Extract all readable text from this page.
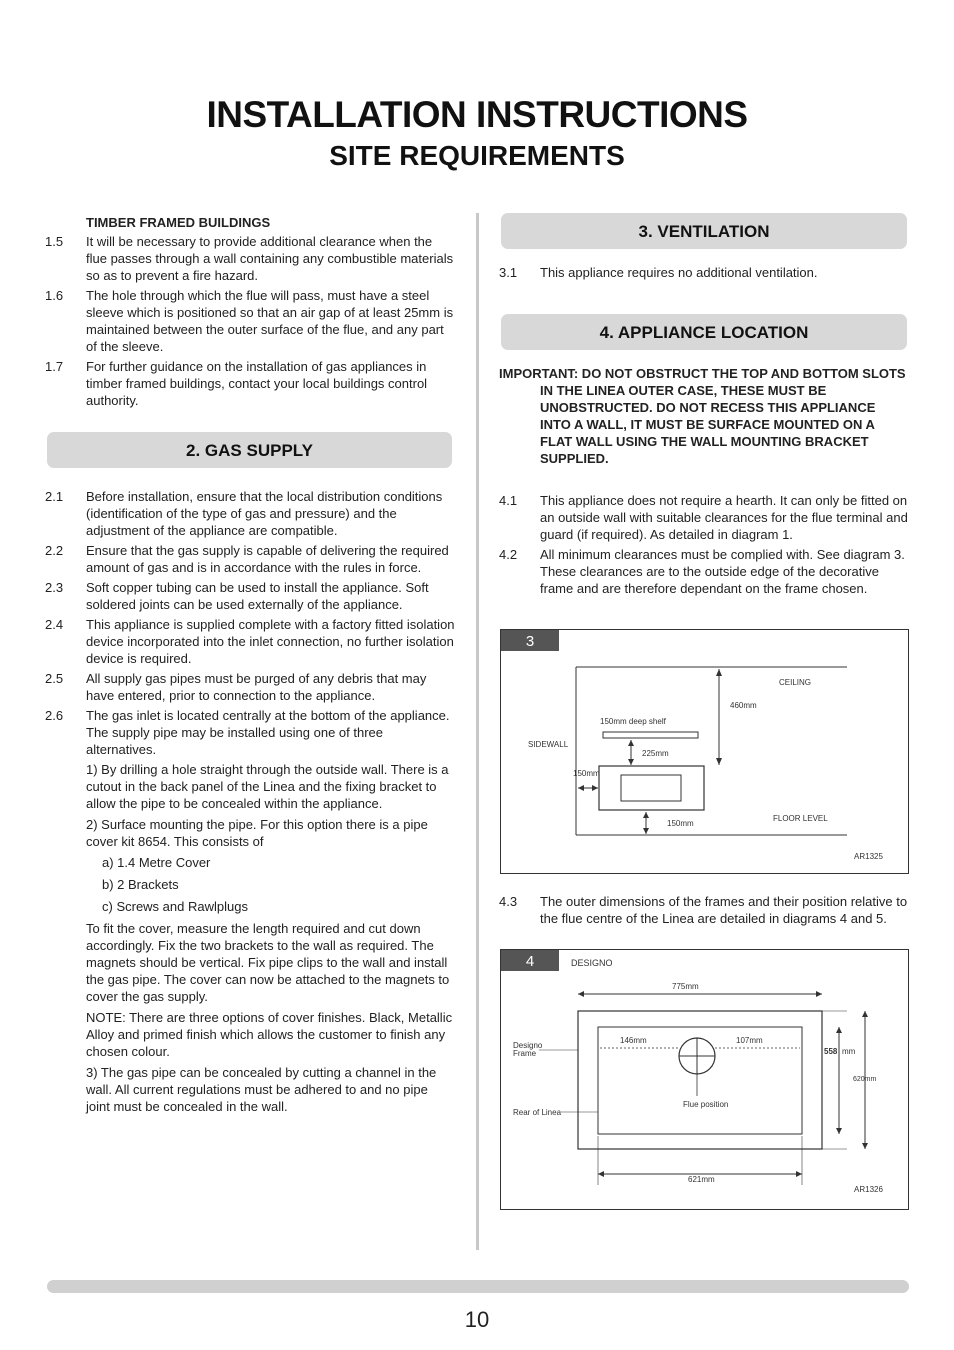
INSTALLATION INSTRUCTIONS
SITE REQUIREMENTS
TIMBER FRAMED BUILDINGS
1.5	It will be necessary to provide additional clearance when the flue passes through a wall containing any combustible materials so as to prevent a fire hazard.
1.6	The hole through which the flue will pass, must have a steel sleeve which is positioned so that an air gap of at least 25mm is maintained between the outer surface of the flue, and any part of the sleeve.
1.7	For further guidance on the installation of gas appliances in timber framed buildings, contact your local buildings control authority.
2. GAS SUPPLY
2.1	Before installation, ensure that the local distribution conditions (identification of the type of gas and pressure) and the adjustment of the appliance are compatible.
2.2	Ensure that the gas supply is capable of delivering the required amount of gas and is in accordance with the rules in force.
2.3	Soft copper tubing can be used to install the appliance. Soft soldered joints can be used externally of the appliance.
2.4	This appliance is supplied complete with a factory fitted isolation device incorporated into the inlet connection, no further isolation device is required.
2.5	All supply gas pipes must be purged of any debris that may have entered, prior to connection to the appliance.
2.6	The gas inlet is located centrally at the bottom of the appliance. The supply pipe may be installed using one of three alternatives.
1) By drilling a hole straight through the outside wall. There is a cutout in the back panel of the Linea and the fixing bracket to allow the pipe to be concealed within the appliance.
2) Surface mounting the pipe. For this option there is a pipe cover kit 8654. This consists of
a) 1.4 Metre Cover
b) 2 Brackets
c) Screws and Rawlplugs
To fit the cover, measure the length required and cut down accordingly. Fix the two brackets to the wall as required. The magnets should be vertical. Fix pipe clips to the wall and install the gas pipe. The cover can now be attached to the magnets to cover the gas supply.
NOTE: There are three options of cover finishes. Black, Metallic Alloy and primed finish which allows the customer to finish any chosen colour.
3) The gas pipe can be concealed by cutting a channel in the wall. All current regulations must be adhered to and no pipe joint must be concealed in the wall.
3. VENTILATION
3.1	This appliance requires no additional ventilation.
4. APPLIANCE LOCATION
IMPORTANT: DO NOT OBSTRUCT THE TOP AND BOTTOM SLOTS IN THE LINEA OUTER CASE, THESE MUST BE UNOBSTRUCTED. DO NOT RECESS THIS APPLIANCE INTO A WALL, IT MUST BE SURFACE MOUNTED ON A FLAT WALL USING THE WALL MOUNTING BRACKET SUPPLIED.
4.1	This appliance does not require a hearth. It can only be fitted on an outside wall with suitable clearances for the flue terminal and guard (if required). As detailed in diagram 1.
4.2	All minimum clearances must be complied with. See diagram 3. These clearances are to the outside edge of the decorative frame and are therefore dependant on the frame chosen.
3
CEILING
460mm
150mm deep shelf
SIDEWALL
225mm
150mm
FLOOR LEVEL
150mm
AR1325
4.3	The outer dimensions of the frames and their position relative to the flue centre of the Linea are detailed in diagrams 4 and 5.
4	DESIGNO
775mm
Designo
Frame
146mm	107mm
558 mm
620mm
Flue position
Rear of Linea
621mm
AR1326
10
